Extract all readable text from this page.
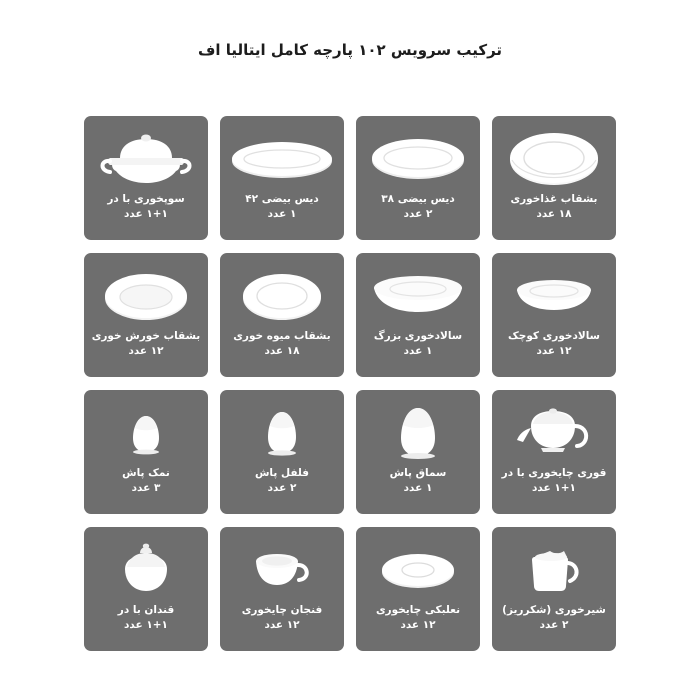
ترکیب سرویس ۱۰۲ پارچه کامل ایتالیا اف
بشقاب غذاخوری
۱۸ عدد
دیس بیضی ۳۸
۲ عدد
دیس بیضی ۴۲
۱ عدد
سوپخوری با در
۱+۱ عدد
سالادخوری کوچک
۱۲ عدد
سالادخوری بزرگ
۱ عدد
بشقاب میوه خوری
۱۸ عدد
بشقاب خورش خوری
۱۲ عدد
قوری چایخوری با در
۱+۱ عدد
سماق پاش
۱ عدد
فلفل پاش
۲ عدد
نمک پاش
۳ عدد
شیرخوری (شکرریز)
۲ عدد
نعلبکی چایخوری
۱۲ عدد
فنجان چایخوری
۱۲ عدد
قندان با در
۱+۱ عدد
